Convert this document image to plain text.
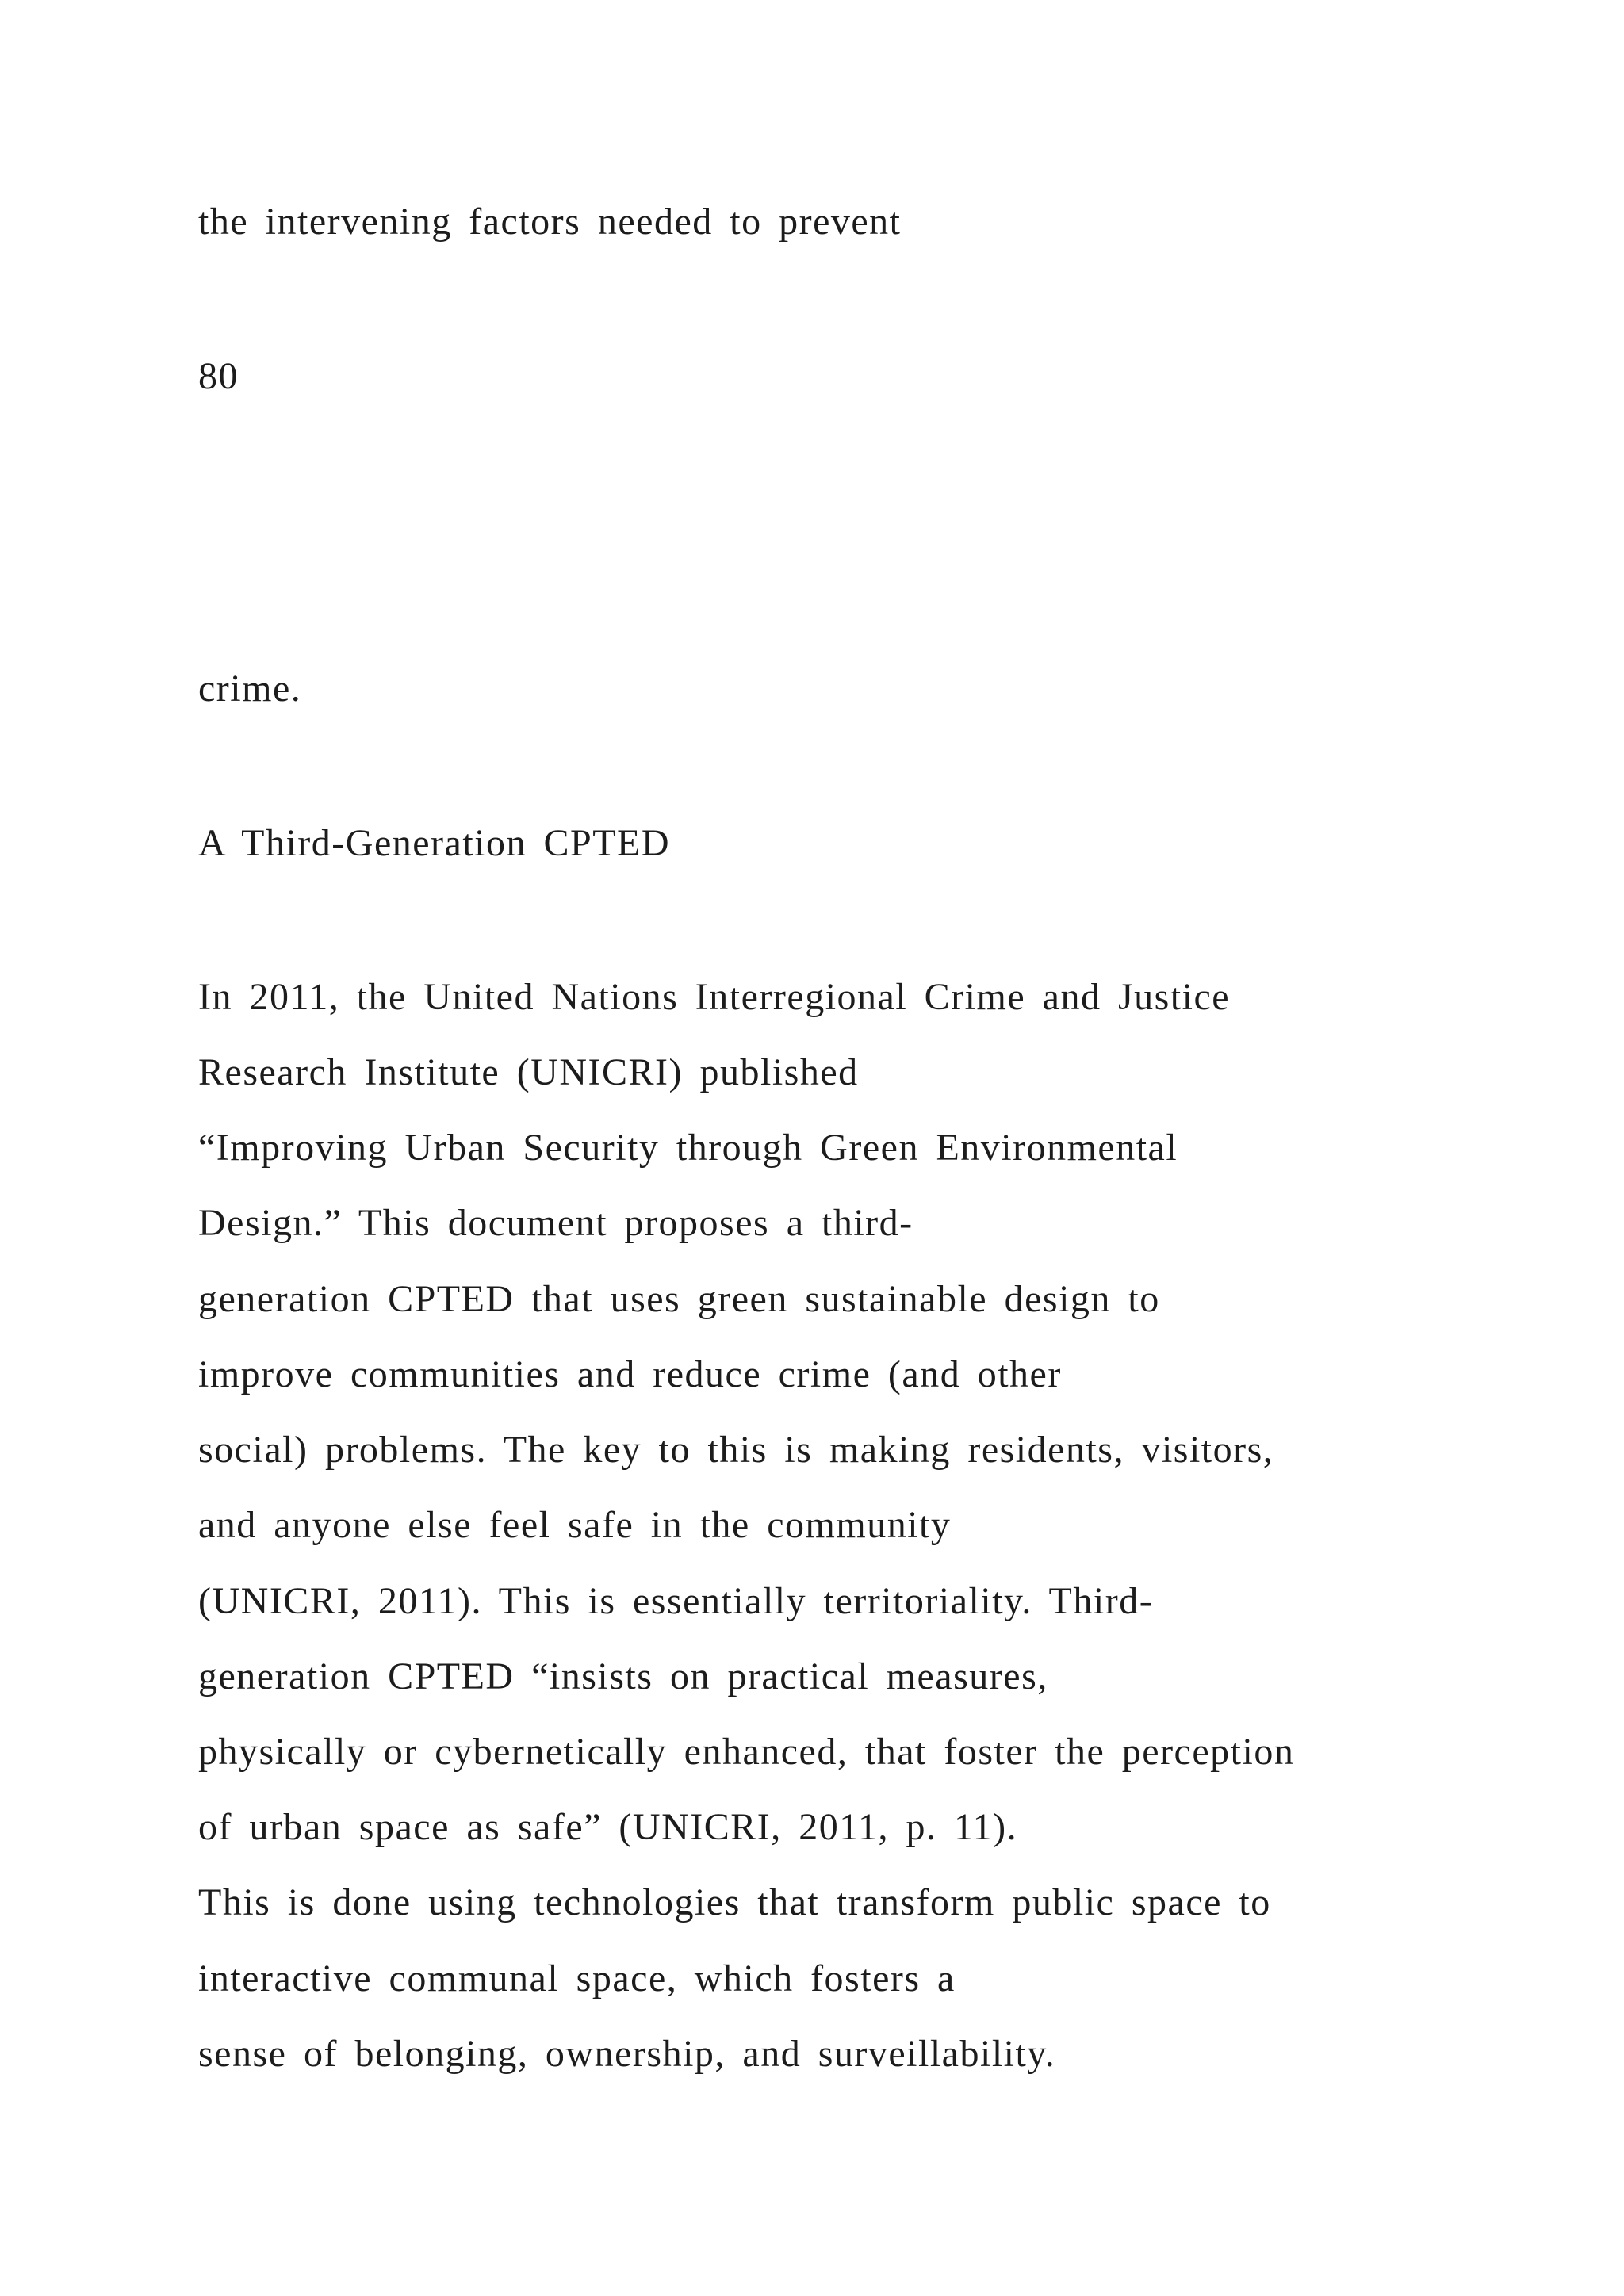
the intervening factors needed to prevent
80
crime.
A Third-Generation CPTED
In 2011, the United Nations Interregional Crime and Justice
Research Institute (UNICRI) published
“Improving Urban Security through Green Environmental
Design.” This document proposes a third-
generation CPTED that uses green sustainable design to
improve communities and reduce crime (and other
social) problems. The key to this is making residents, visitors,
and anyone else feel safe in the community
(UNICRI, 2011). This is essentially territoriality. Third-
generation CPTED “insists on practical measures,
physically or cybernetically enhanced, that foster the perception
of urban space as safe” (UNICRI, 2011, p. 11).
This is done using technologies that transform public space to
interactive communal space, which fosters a
sense of belonging, ownership, and surveillability.
